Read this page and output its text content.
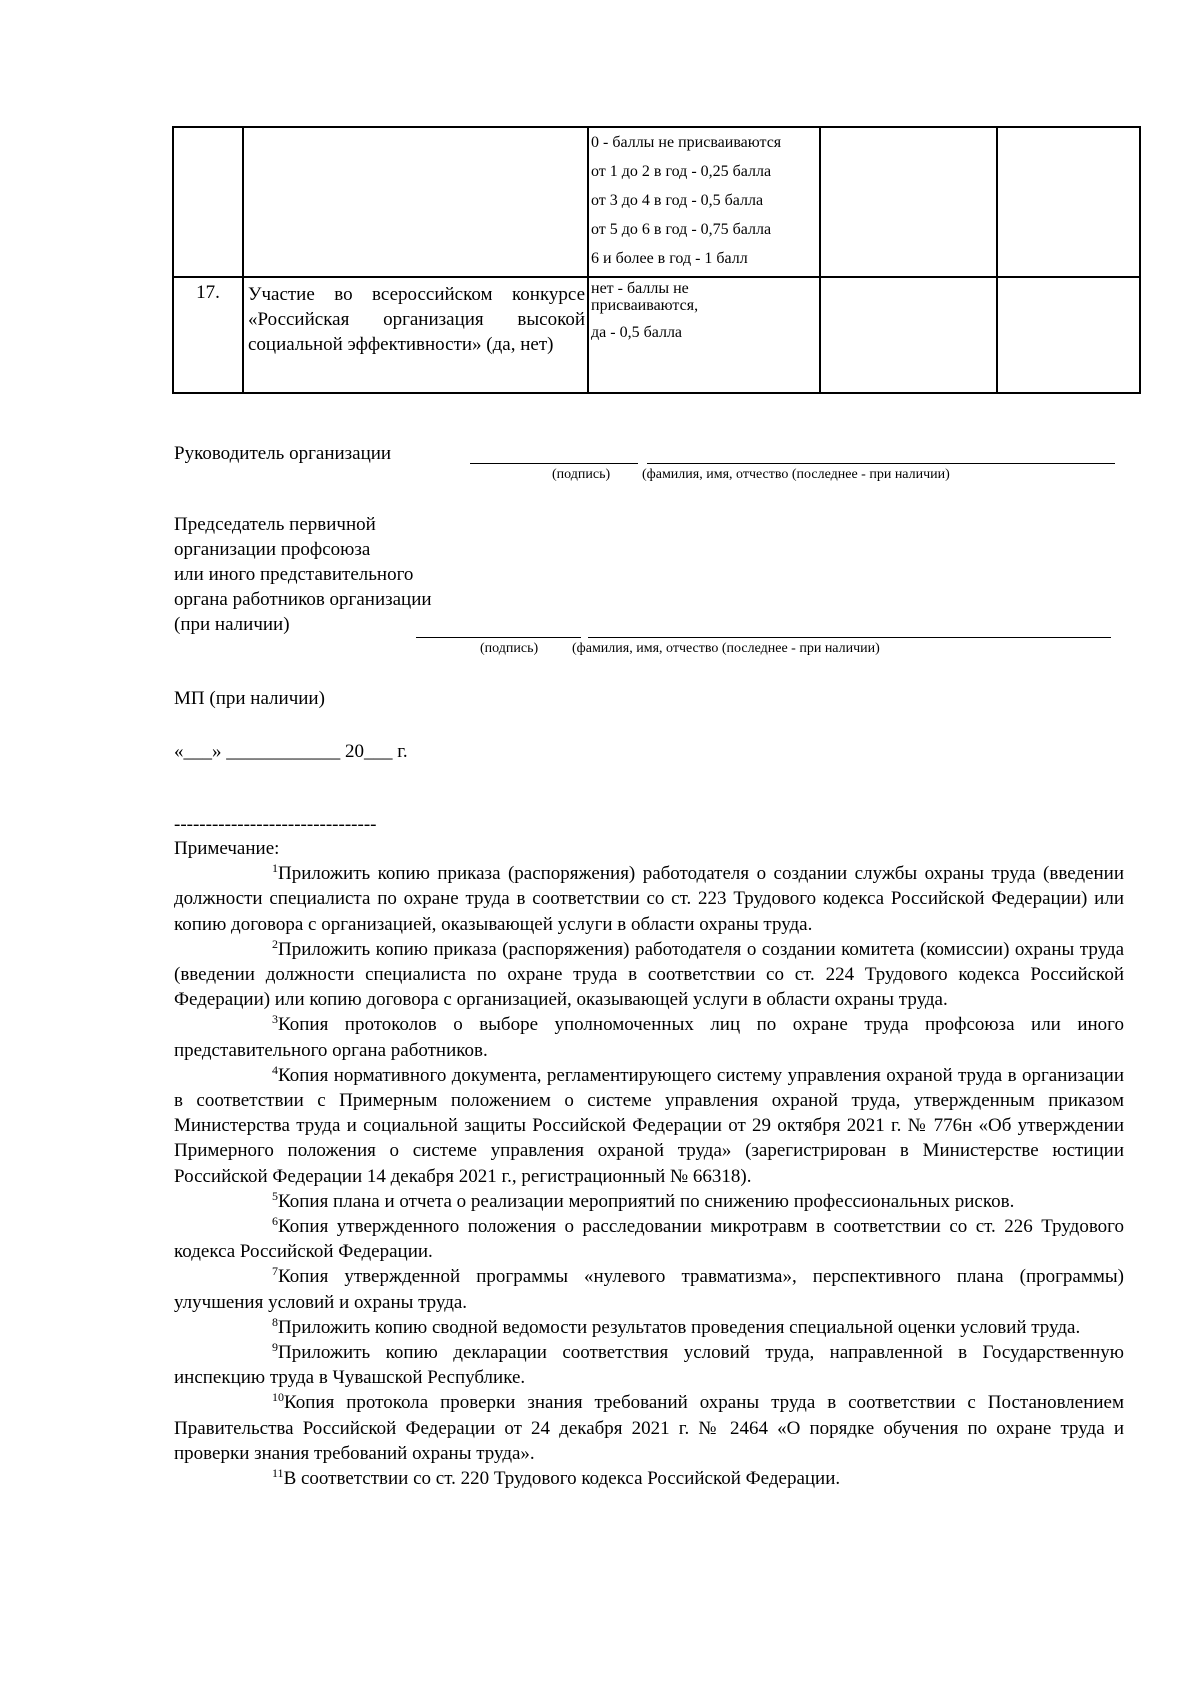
		0 - баллы не присваиваются
от 1 до 2 в год - 0,25 балла
от 3 до 4 в год - 0,5 балла
от 5 до 6 в год - 0,75 балла
6 и более в год - 1 балл		

17.	Участие во всероссийском конкурсе «Российская организация высокой социальной эффективности» (да, нет)	нет - баллы не присваиваются,
да - 0,5 балла		

Руководитель организации
(подпись) (фамилия, имя, отчество (последнее - при наличии)
Председатель первичной
организации профсоюза
или иного представительного
органа работников организации
(при наличии)
(подпись) (фамилия, имя, отчество (последнее - при наличии)
МП (при наличии)
«___» ____________ 20___ г.
--------------------------------

Примечание:

$^1$Приложить копию приказа (распоряжения) работодателя о создании службы охраны труда (введении должности специалиста по охране труда в соответствии со ст. 223 Трудового кодекса Российской Федерации) или копию договора с организацией, оказывающей услуги в области охраны труда.

$^2$Приложить копию приказа (распоряжения) работодателя о создании комитета (комиссии) охраны труда (введении должности специалиста по охране труда в соответствии со ст. 224 Трудового кодекса Российской Федерации) или копию договора с организацией, оказывающей услуги в области охраны труда.

$^3$Копия протоколов о выборе уполномоченных лиц по охране труда профсоюза или иного представительного органа работников.

$^4$Копия нормативного документа, регламентирующего систему управления охраной труда в организации в соответствии с Примерным положением о системе управления охраной труда, утвержденным приказом Министерства труда и социальной защиты Российской Федерации от 29 октября 2021 г. № 776н «Об утверждении Примерного положения о системе управления охраной труда» (зарегистрирован в Министерстве юстиции Российской Федерации 14 декабря 2021 г., регистрационный № 66318).

$^5$Копия плана и отчета о реализации мероприятий по снижению профессиональных рисков.

$^6$Копия утвержденного положения о расследовании микротравм в соответствии со ст. 226 Трудового кодекса Российской Федерации.

$^7$Копия утвержденной программы «нулевого травматизма», перспективного плана (программы) улучшения условий и охраны труда.

$^8$Приложить копию сводной ведомости результатов проведения специальной оценки условий труда.

$^9$Приложить копию декларации соответствия условий труда, направленной в Государственную инспекцию труда в Чувашской Республике.

$^{10}$Копия протокола проверки знания требований охраны труда в соответствии с Постановлением Правительства Российской Федерации от 24 декабря 2021 г. № 2464 «О порядке обучения по охране труда и проверки знания требований охраны труда».

$^{11}$В соответствии со ст. 220 Трудового кодекса Российской Федерации.
